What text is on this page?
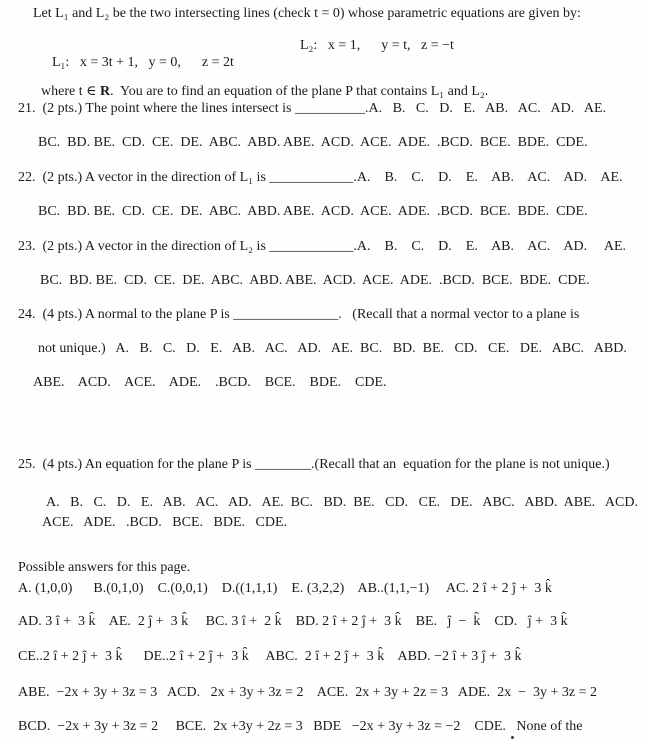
Let L₁ and L₂ be the two intersecting lines (check t = 0) whose parametric equations are given by:

L₁:   x = 3t + 1,   y = 0,      z = 2t

L₂:   x = 1,      y = t,   z = −t

where t ∈ R.  You are to find an equation of the plane P that contains L₁ and L₂.

21.  (2 pts.) The point where the lines intersect is __________.A.   B.   C.   D.   E.   AB.   AC.   AD.   AE.
BC.  BD. BE.  CD.  CE.  DE.  ABC.  ABD. ABE.  ACD.  ACE.  ADE.  .BCD.  BCE.  BDE.  CDE.
22.  (2 pts.) A vector in the direction of L₁ is ____________.A.    B.    C.    D.    E.    AB.    AC.    AD.    AE.
BC.  BD. BE.  CD.  CE.  DE.  ABC.  ABD. ABE.  ACD.  ACE.  ADE.  .BCD.  BCE.  BDE.  CDE.
23.  (2 pts.) A vector in the direction of L₂ is ____________.A.    B.    C.    D.    E.    AB.    AC.    AD.     AE.
BC.  BD. BE.  CD.  CE.  DE.  ABC.  ABD. ABE.  ACD.  ACE.  ADE.  .BCD.  BCE.  BDE.  CDE.
24.  (4 pts.) A normal to the plane P is _______________.   (Recall that a normal vector to a plane is
not unique.)   A.   B.   C.   D.   E.   AB.   AC.   AD.   AE.  BC.   BD.  BE.   CD.   CE.   DE.   ABC.   ABD.
ABE.    ACD.    ACE.    ADE.    .BCD.    BCE.    BDE.    CDE.
25.  (4 pts.) An equation for the plane P is ________.(Recall that an  equation for the plane is not unique.)
A.   B.   C.   D.   E.   AB.   AC.   AD.   AE.  BC.   BD.  BE.   CD.   CE.   DE.   ABC.   ABD.  ABE.   ACD.
ACE.   ADE.   .BCD.   BCE.   BDE.   CDE.
Possible answers for this page.
A. (1,0,0)      B.(0,1,0)    C.(0,0,1)    D.((1,1,1)    E. (3,2,2)    AB..(1,1,−1)     AC. 2 î + 2 ĵ +  3 k̂
AD. 3 î +  3 k̂    AE.  2 ĵ +  3 k̂     BC. 3 î +  2 k̂    BD. 2 î + 2 ĵ +  3 k̂    BE.   ĵ  −  k̂    CD.   ĵ +  3 k̂
CE..2 î + 2 ĵ +  3 k̂      DE..2 î + 2 ĵ +  3 k̂     ABC.  2 î + 2 ĵ +  3 k̂    ABD. −2 î + 3 ĵ +  3 k̂
ABE.  −2x + 3y + 3z = 3   ACD.   2x + 3y + 3z = 2    ACE.  2x + 3y + 2z = 3   ADE.  2x  −  3y + 3z = 2
BCD.  −2x + 3y + 3z = 2     BCE.  2x +3y + 2z = 3   BDE   −2x + 3y + 3z = −2    CDE.   None of the
